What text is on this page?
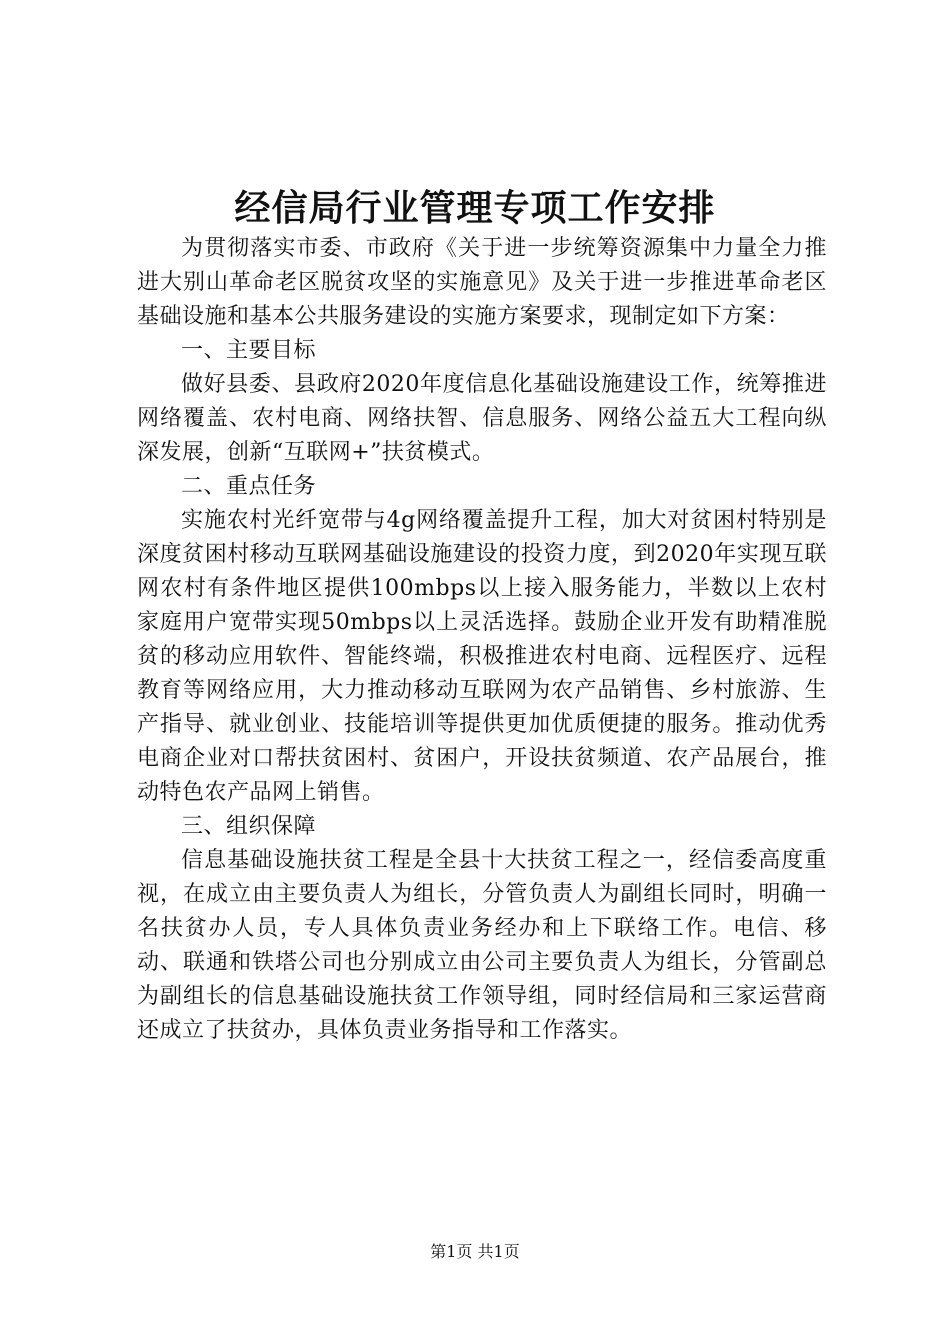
经信局行业管理专项工作安排

为贯彻落实市委、市政府《关于进一步统筹资源集中力量全力推进大别山革命老区脱贫攻坚的实施意见》及关于进一步推进革命老区基础设施和基本公共服务建设的实施方案要求，现制定如下方案：

一、主要目标

做好县委、县政府2020年度信息化基础设施建设工作，统筹推进网络覆盖、农村电商、网络扶智、信息服务、网络公益五大工程向纵深发展，创新“互联网+”扶贫模式。

二、重点任务

实施农村光纤宽带与4g网络覆盖提升工程，加大对贫困村特别是深度贫困村移动互联网基础设施建设的投资力度，到2020年实现互联网农村有条件地区提供100mbps以上接入服务能力，半数以上农村家庭用户宽带实现50mbps以上灵活选择。鼓励企业开发有助精准脱贫的移动应用软件、智能终端，积极推进农村电商、远程医疗、远程教育等网络应用，大力推动移动互联网为农产品销售、乡村旅游、生产指导、就业创业、技能培训等提供更加优质便捷的服务。推动优秀电商企业对口帮扶贫困村、贫困户，开设扶贫频道、农产品展台，推动特色农产品网上销售。

三、组织保障

信息基础设施扶贫工程是全县十大扶贫工程之一，经信委高度重视，在成立由主要负责人为组长，分管负责人为副组长同时，明确一名扶贫办人员，专人具体负责业务经办和上下联络工作。电信、移动、联通和铁塔公司也分别成立由公司主要负责人为组长，分管副总为副组长的信息基础设施扶贫工作领导组，同时经信局和三家运营商还成立了扶贫办，具体负责业务指导和工作落实。

第1页 共1页
